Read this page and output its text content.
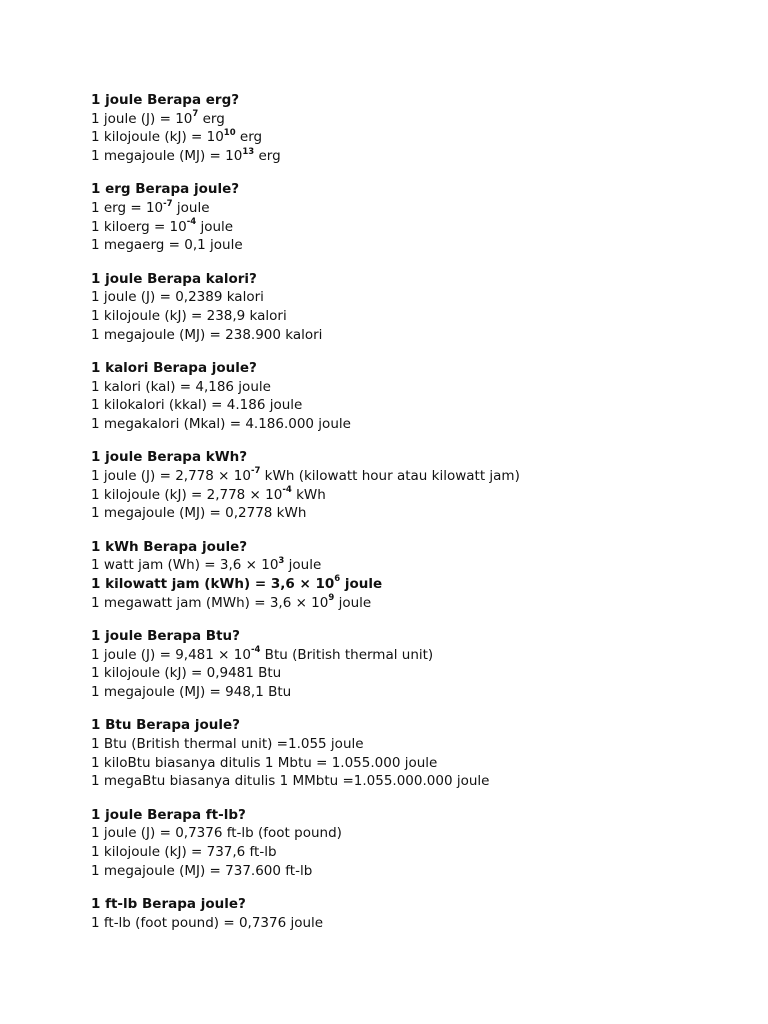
1 joule Berapa erg?

1 joule $(J) = 10^7$ erg

1 kilojoule $(kJ) = 10^{10}$ erg

1 megajoule $(MJ) = 10^{13}$ erg

1 erg Berapa joule?

1 erg = $10^{-7}$ joule

1 kiloerg = $10^{-4}$ joule

1 megaerg = 0,1 joule

1 joule Berapa kalori?

1 joule (J) = 0,2389 kalori

1 kilojoule (kJ) = 238,9 kalori

1 megajoule (MJ) = 238.900 kalori

1 kalori Berapa joule?

1 kalori (kal) = 4,186 joule

1 kilokalori (kkal) = 4.186 joule

1 megakalori (Mkal) = 4.186.000 joule

1 joule Berapa kWh?

1 joule $(J) = 2,778 \times 10^{-7}$ kWh (kilowatt hour atau kilowatt jam)

1 kilojoule $(kJ) = 2,778 \times 10^{-4}$ kWh

1 megajoule (MJ) = 0,2778 kWh

1 kWh Berapa joule?

1 watt jam $(Wh) = 3,6 \times 10^3$ joule

1 kilowatt jam $(kWh) = 3,6 \times 10^6$ joule

1 megawatt jam $(MWh) = 3,6 \times 10^9$ joule

1 joule Berapa Btu?

1 joule $(J) = 9,481 \times 10^{-4}$ Btu (British thermal unit)

1 kilojoule (kJ) = 0,9481 Btu

1 megajoule (MJ) = 948,1 Btu

1 Btu Berapa joule?

1 Btu (British thermal unit) =1.055 joule

1 kiloBtu biasanya ditulis 1 Mbtu = 1.055.000 joule

1 megaBtu biasanya ditulis 1 MMbtu =1.055.000.000 joule

1 joule Berapa ft-lb?

1 joule (J) = 0,7376 ft-lb (foot pound)

1 kilojoule (kJ) = 737,6 ft-lb

1 megajoule (MJ) = 737.600 ft-lb

1 ft-lb Berapa joule?

1 ft-lb (foot pound) = 0,7376 joule
